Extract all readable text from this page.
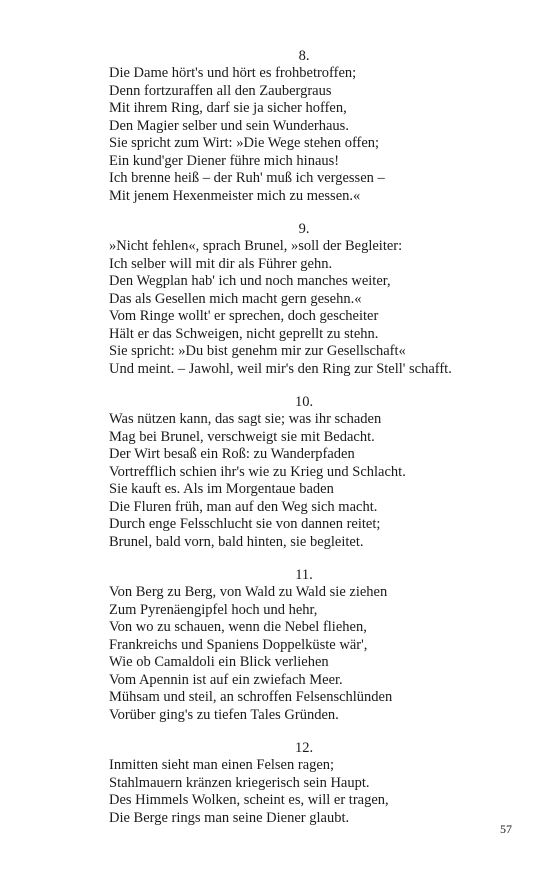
8.
Die Dame hört's und hört es frohbetroffen;
Denn fortzuraffen all den Zaubergraus
Mit ihrem Ring, darf sie ja sicher hoffen,
Den Magier selber und sein Wunderhaus.
Sie spricht zum Wirt: »Die Wege stehen offen;
Ein kund'ger Diener führe mich hinaus!
Ich brenne heiß – der Ruh' muß ich vergessen –
Mit jenem Hexenmeister mich zu messen.«
9.
»Nicht fehlen«, sprach Brunel, »soll der Begleiter:
Ich selber will mit dir als Führer gehn.
Den Wegplan hab' ich und noch manches weiter,
Das als Gesellen mich macht gern gesehn.«
Vom Ringe wollt' er sprechen, doch gescheiter
Hält er das Schweigen, nicht geprellt zu stehn.
Sie spricht: »Du bist genehm mir zur Gesellschaft«
Und meint. – Jawohl, weil mir's den Ring zur Stell' schafft.
10.
Was nützen kann, das sagt sie; was ihr schaden
Mag bei Brunel, verschweigt sie mit Bedacht.
Der Wirt besaß ein Roß: zu Wanderpfaden
Vortrefflich schien ihr's wie zu Krieg und Schlacht.
Sie kauft es. Als im Morgentaue baden
Die Fluren früh, man auf den Weg sich macht.
Durch enge Felsschlucht sie von dannen reitet;
Brunel, bald vorn, bald hinten, sie begleitet.
11.
Von Berg zu Berg, von Wald zu Wald sie ziehen
Zum Pyrenäengipfel hoch und hehr,
Von wo zu schauen, wenn die Nebel fliehen,
Frankreichs und Spaniens Doppelküste wär',
Wie ob Camaldoli ein Blick verliehen
Vom Apennin ist auf ein zwiefach Meer.
Mühsam und steil, an schroffen Felsenschlünden
Vorüber ging's zu tiefen Tales Gründen.
12.
Inmitten sieht man einen Felsen ragen;
Stahlmauern kränzen kriegerisch sein Haupt.
Des Himmels Wolken, scheint es, will er tragen,
Die Berge rings man seine Diener glaubt.
57
